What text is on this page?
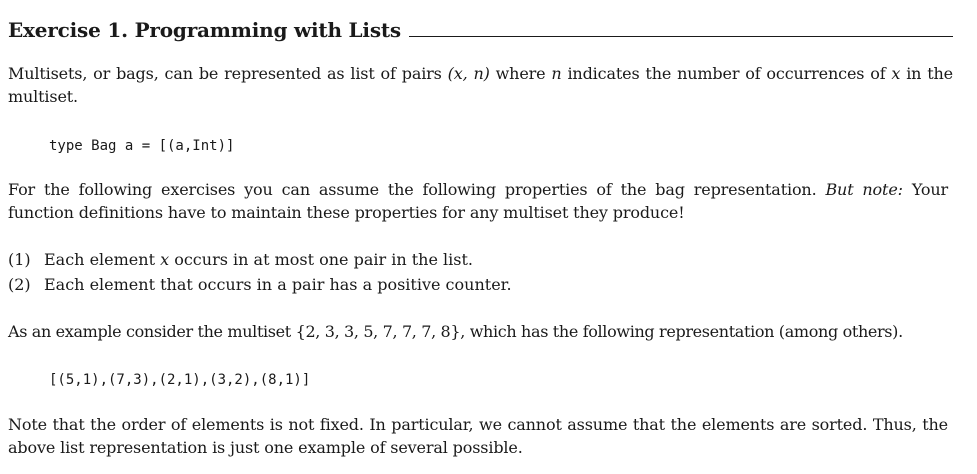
Exercise 1. Programming with Lists

Multisets, or bags, can be represented as list of pairs (x, n) where n indicates the number of occurrences of x in the multiset.

type Bag a = [(a,Int)]

For the following exercises you can assume the following properties of the bag representation. But note: Your function definitions have to maintain these properties for any multiset they produce!

(1) Each element x occurs in at most one pair in the list.
(2) Each element that occurs in a pair has a positive counter.

As an example consider the multiset {2, 3, 3, 5, 7, 7, 7, 8}, which has the following representation (among others).

[(5,1),(7,3),(2,1),(3,2),(8,1)]

Note that the order of elements is not fixed. In particular, we cannot assume that the elements are sorted. Thus, the above list representation is just one example of several possible.
